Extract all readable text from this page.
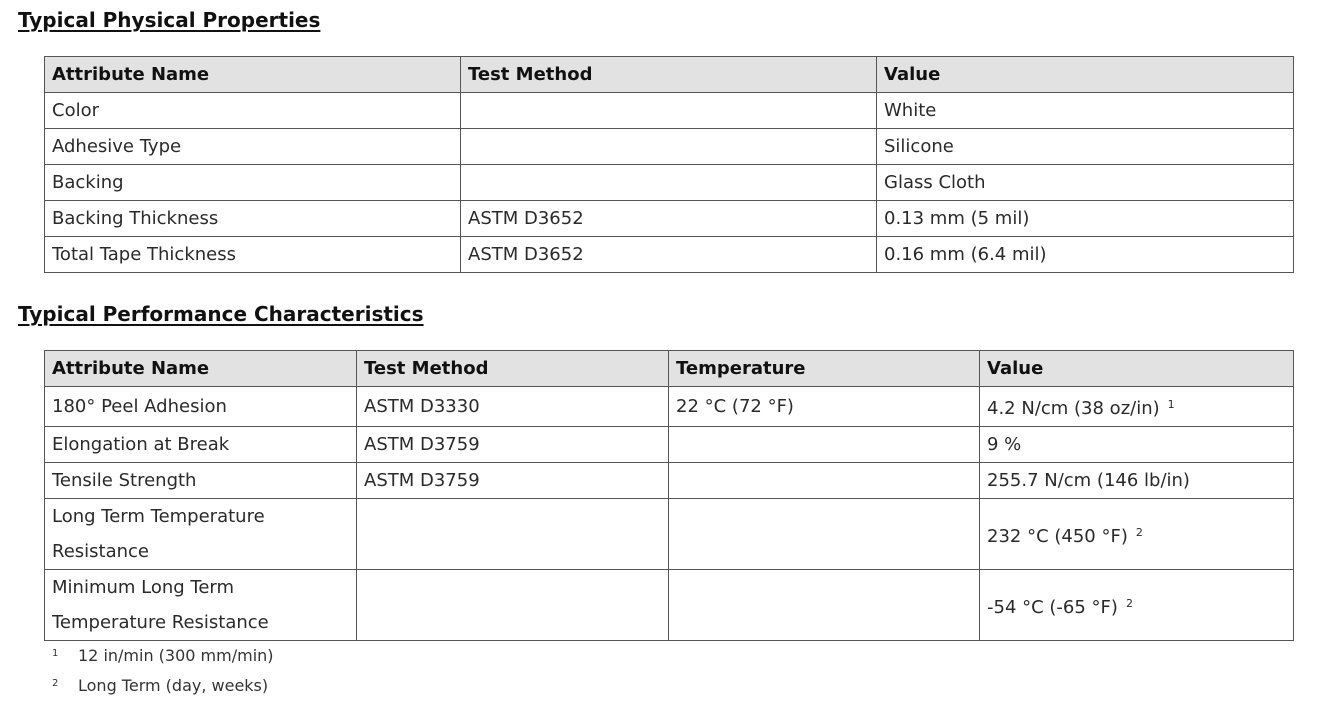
Typical Physical Properties
Attribute Name	Test Method	Value
Color		White
Adhesive Type		Silicone
Backing		Glass Cloth
Backing Thickness	ASTM D3652	0.13 mm (5 mil)
Total Tape Thickness	ASTM D3652	0.16 mm (6.4 mil)
Typical Performance Characteristics
Attribute Name	Test Method	Temperature	Value
180° Peel Adhesion	ASTM D3330	22 °C (72 °F)	4.2 N/cm (38 oz/in) $^1$
Elongation at Break	ASTM D3759		9 %
Tensile Strength	ASTM D3759		255.7 N/cm (146 lb/in)
Long Term Temperature Resistance			232 °C (450 °F) $^2$
Minimum Long Term Temperature Resistance			-54 °C (-65 °F) $^2$
1 12 in/min (300 mm/min)
2 Long Term (day, weeks)
